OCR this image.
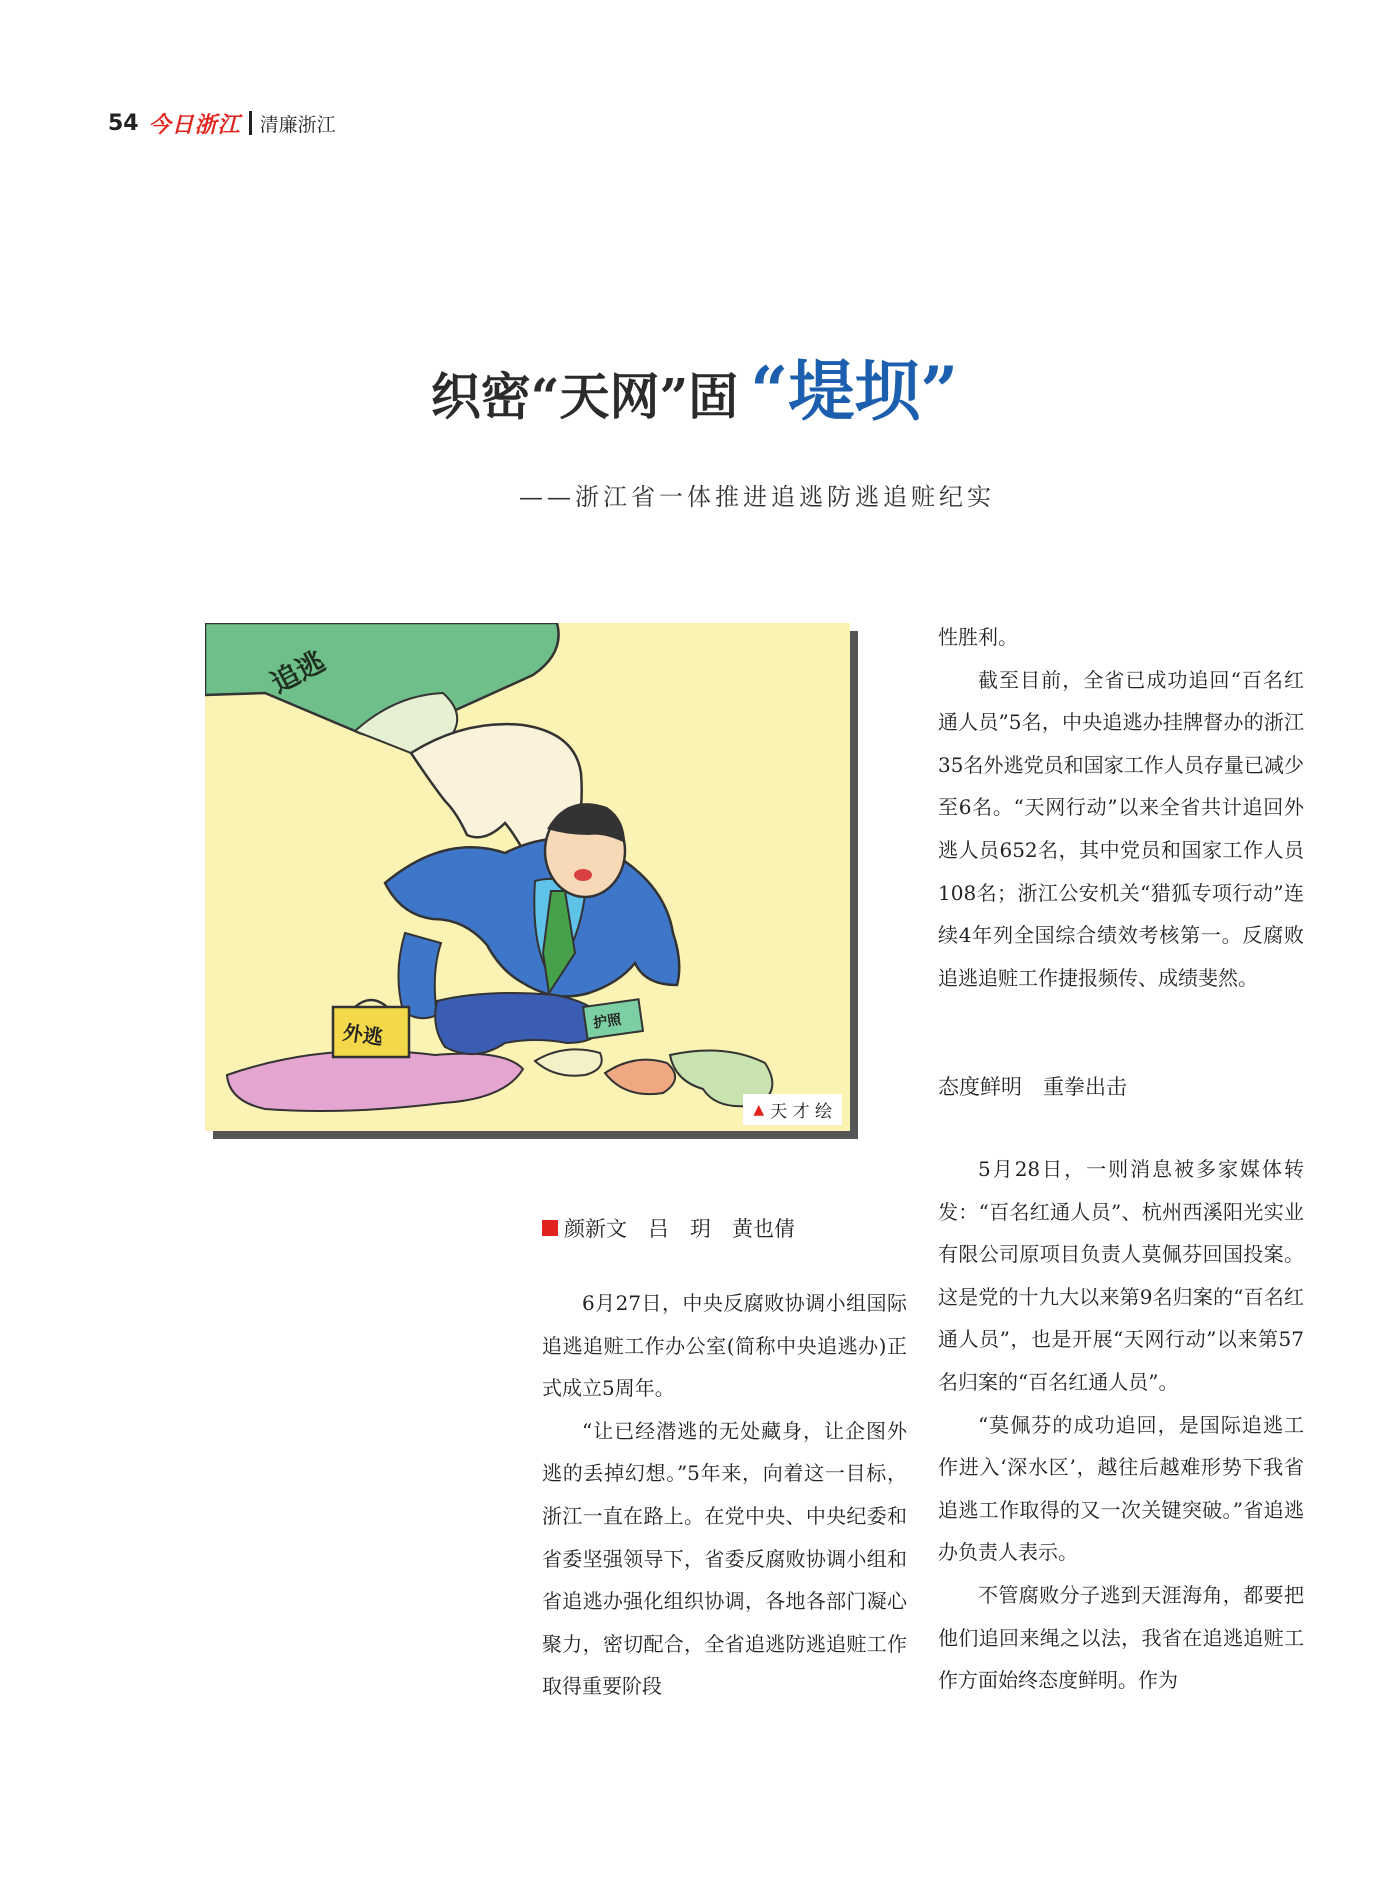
54 今日浙江 清廉浙江
织密“天网”固 “堤坝”
——浙江省一体推进追逃防逃追赃纪实
追逃
外逃	护照
▲ 天 才 绘
颜新文　吕　玥　黄也倩

6月27日，中央反腐败协调小组国际追逃追赃工作办公室(简称中央追逃办)正式成立5周年。

“让已经潜逃的无处藏身，让企图外逃的丢掉幻想。”5年来，向着这一目标，浙江一直在路上。在党中央、中央纪委和省委坚强领导下，省委反腐败协调小组和省追逃办强化组织协调，各地各部门凝心聚力，密切配合，全省追逃防逃追赃工作取得重要阶段

性胜利。

截至目前，全省已成功追回“百名红通人员”5名，中央追逃办挂牌督办的浙江35名外逃党员和国家工作人员存量已减少至6名。“天网行动”以来全省共计追回外逃人员652名，其中党员和国家工作人员108名；浙江公安机关“猎狐专项行动”连续4年列全国综合绩效考核第一。反腐败追逃追赃工作捷报频传、成绩斐然。

态度鲜明　重拳出击

5月28日，一则消息被多家媒体转发：“百名红通人员”、杭州西溪阳光实业有限公司原项目负责人莫佩芬回国投案。这是党的十九大以来第9名归案的“百名红通人员”，也是开展“天网行动”以来第57名归案的“百名红通人员”。

“莫佩芬的成功追回，是国际追逃工作进入‘深水区’，越往后越难形势下我省追逃工作取得的又一次关键突破。”省追逃办负责人表示。

不管腐败分子逃到天涯海角，都要把他们追回来绳之以法，我省在追逃追赃工作方面始终态度鲜明。作为
